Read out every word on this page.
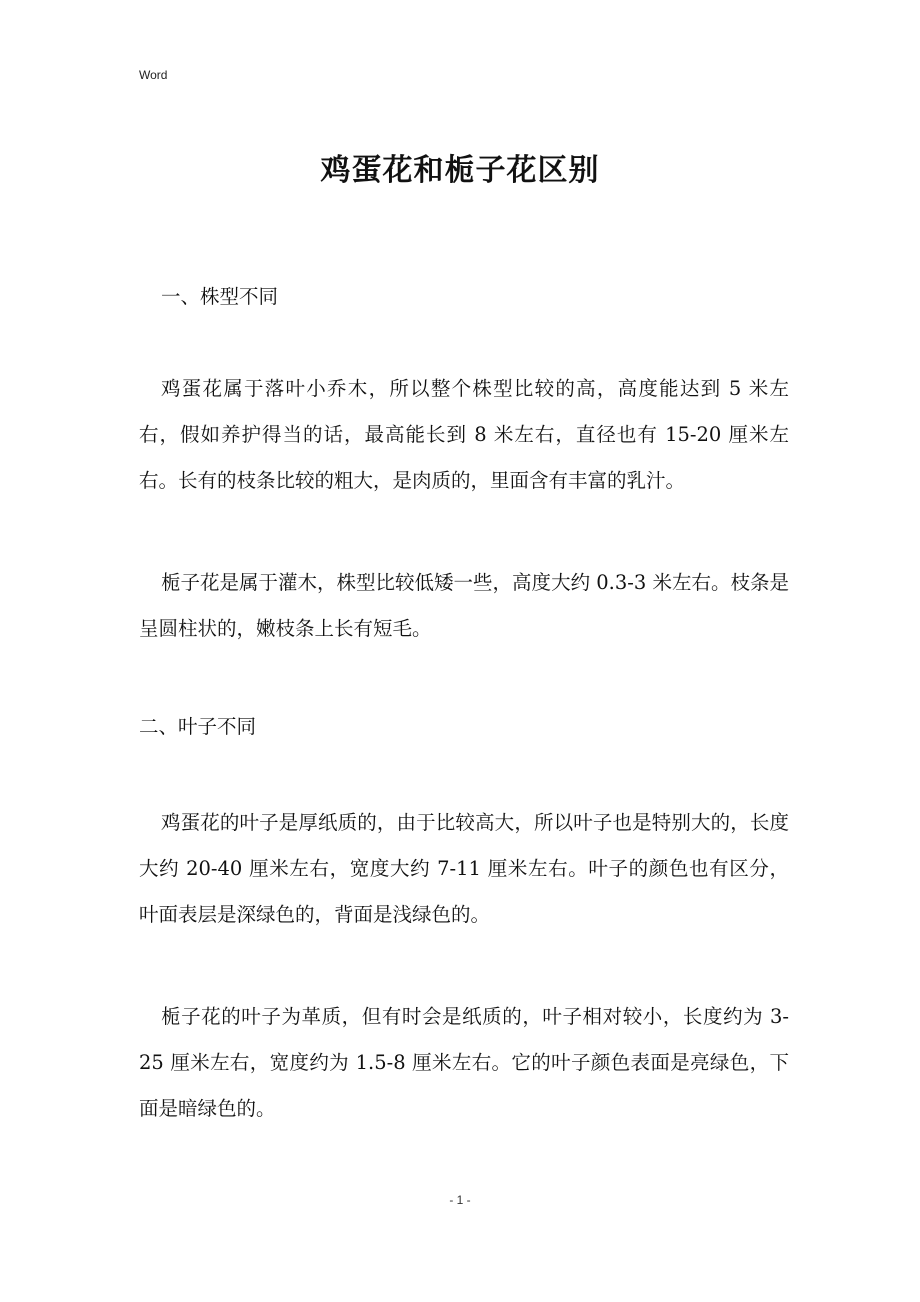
Word
鸡蛋花和栀子花区别

一、株型不同

鸡蛋花属于落叶小乔木，所以整个株型比较的高，高度能达到 5 米左右，假如养护得当的话，最高能长到 8 米左右，直径也有 15-20 厘米左右。长有的枝条比较的粗大，是肉质的，里面含有丰富的乳汁。

栀子花是属于灌木，株型比较低矮一些，高度大约 0.3-3 米左右。枝条是呈圆柱状的，嫩枝条上长有短毛。

二、叶子不同

鸡蛋花的叶子是厚纸质的，由于比较高大，所以叶子也是特别大的，长度大约 20-40 厘米左右，宽度大约 7-11 厘米左右。叶子的颜色也有区分，叶面表层是深绿色的，背面是浅绿色的。

栀子花的叶子为革质，但有时会是纸质的，叶子相对较小，长度约为 3-25 厘米左右，宽度约为 1.5-8 厘米左右。它的叶子颜色表面是亮绿色，下面是暗绿色的。

- 1 -
